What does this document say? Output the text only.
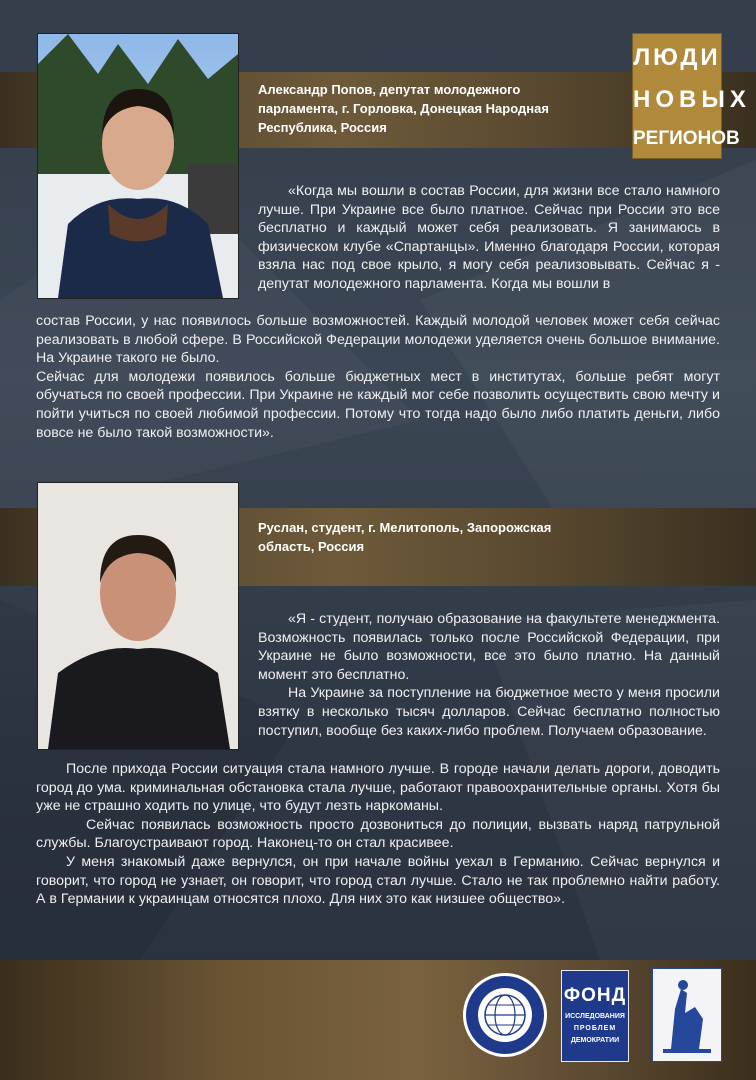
Александр Попов, депутат молодежного парламента, г. Горловка, Донецкая Народная Республика, Россия
Руслан, студент, г. Мелитополь, Запорожская область, Россия
ЛЮДИ
НОВЫХ
РЕГИОНОВ
«Когда мы вошли в состав России, для жизни все стало намного лучше. При Украине все было платное. Сейчас при России это все бесплатно и каждый может себя реализовать. Я занимаюсь в физическом клубе «Спартанцы». Именно благодаря России, которая взяла нас под свое крыло, я могу себя реализовывать. Сейчас я - депутат молодежного парламента. Когда мы вошли в

состав России, у нас появилось больше возможностей. Каждый молодой человек может себя сейчас реализовать в любой сфере. В Российской Федерации молодежи уделяется очень большое внимание. На Украине такого не было.

Сейчас для молодежи появилось больше бюджетных мест в институтах, больше ребят могут обучаться по своей профессии. При Украине не каждый мог себе позволить осуществить свою мечту и пойти учиться по своей любимой профессии. Потому что тогда надо было либо платить деньги, либо вовсе не было такой возможности».

«Я - студент, получаю образование на факультете менеджмента. Возможность появилась только после Российской Федерации, при Украине не было возможности, все это было платно. На данный момент это бесплатно.

На Украине за поступление на бюджетное место у меня просили взятку в несколько тысяч долларов. Сейчас бесплатно полностью поступил, вообще без каких-либо проблем. Получаем образование.

После прихода России ситуация стала намного лучше. В городе начали делать дороги, доводить город до ума. криминальная обстановка стала лучше, работают правоохранительные органы. Хотя бы уже не страшно ходить по улице, что будут лезть наркоманы.

Сейчас появилась возможность просто дозвониться до полиции, вызвать наряд патрульной службы. Благоустраивают город. Наконец-то он стал красивее.

У меня знакомый даже вернулся, он при начале войны уехал в Германию. Сейчас вернулся и говорит, что город не узнает, он говорит, что город стал лучше. Стало не так проблемно найти работу. А в Германии к украинцам относятся плохо. Для них это как низшее общество».

ФОНД
ИССЛЕДОВАНИЯ
ПРОБЛЕМ
ДЕМОКРАТИИ
